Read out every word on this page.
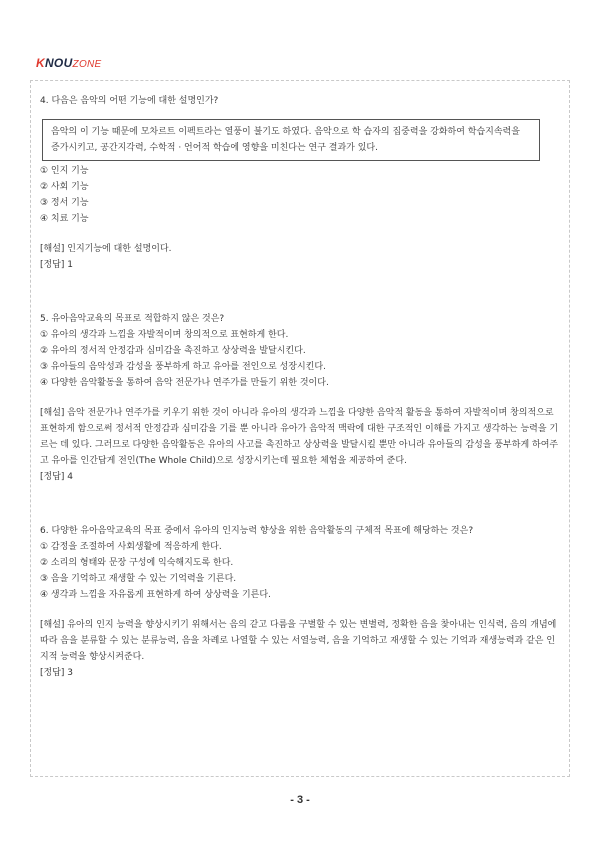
KNOUZONE

4. 다음은 음악의 어떤 기능에 대한 설명인가?

음악의 이 기능 때문에 모차르트 이펙트라는 열풍이 불기도 하였다. 음악으로 학 습자의 집중력을 강화하여 학습지속력을 증가시키고, 공간지각력, 수학적 · 언어적 학습에 영향을 미친다는 연구 결과가 있다.

① 인지 기능

② 사회 기능

③ 정서 기능

④ 치료 기능

[해설] 인지기능에 대한 설명이다.

[정답] 1

5. 유아음악교육의 목표로 적합하지 않은 것은?

① 유아의 생각과 느낌을 자발적이며 창의적으로 표현하게 한다.

② 유아의 정서적 안정감과 심미감을 촉진하고 상상력을 발달시킨다.

③ 유아들의 음악성과 감성을 풍부하게 하고 유아를 전인으로 성장시킨다.

④ 다양한 음악활동을 통하여 음악 전문가나 연주가를 만들기 위한 것이다.

[해설] 음악 전문가나 연주가를 키우기 위한 것이 아니라 유아의 생각과 느낌을 다양한 음악적 활동을 통하여 자발적이며 창의적으로 표현하게 함으로써 정서적 안정감과 심미감을 기를 뿐 아니라 유아가 음악적 맥락에 대한 구조적인 이해를 가지고 생각하는 능력을 기르는 데 있다. 그러므로 다양한 음악활동은 유아의 사고를 촉진하고 상상력을 발달시킬 뿐만 아니라 유아들의 감성을 풍부하게 하여주고 유아를 인간답게 전인(The Whole Child)으로 성장시키는데 필요한 체험을 제공하여 준다.

[정답] 4

6. 다양한 유아음악교육의 목표 중에서 유아의 인지능력 향상을 위한 음악활동의 구체적 목표에 해당하는 것은?

① 감정을 조절하여 사회생활에 적응하게 한다.

② 소리의 형태와 문장 구성에 익숙해지도록 한다.

③ 음을 기억하고 재생할 수 있는 기억력을 기른다.

④ 생각과 느낌을 자유롭게 표현하게 하여 상상력을 기른다.

[해설] 유아의 인지 능력을 향상시키기 위해서는 음의 같고 다름을 구별할 수 있는 변별력, 정확한 음을 찾아내는 인식력, 음의 개념에 따라 음을 분류할 수 있는 분류능력, 음을 차례로 나열할 수 있는 서열능력, 음을 기억하고 재생할 수 있는 기억과 재생능력과 같은 인지적 능력을 향상시켜준다.

[정답] 3

- 3 -
